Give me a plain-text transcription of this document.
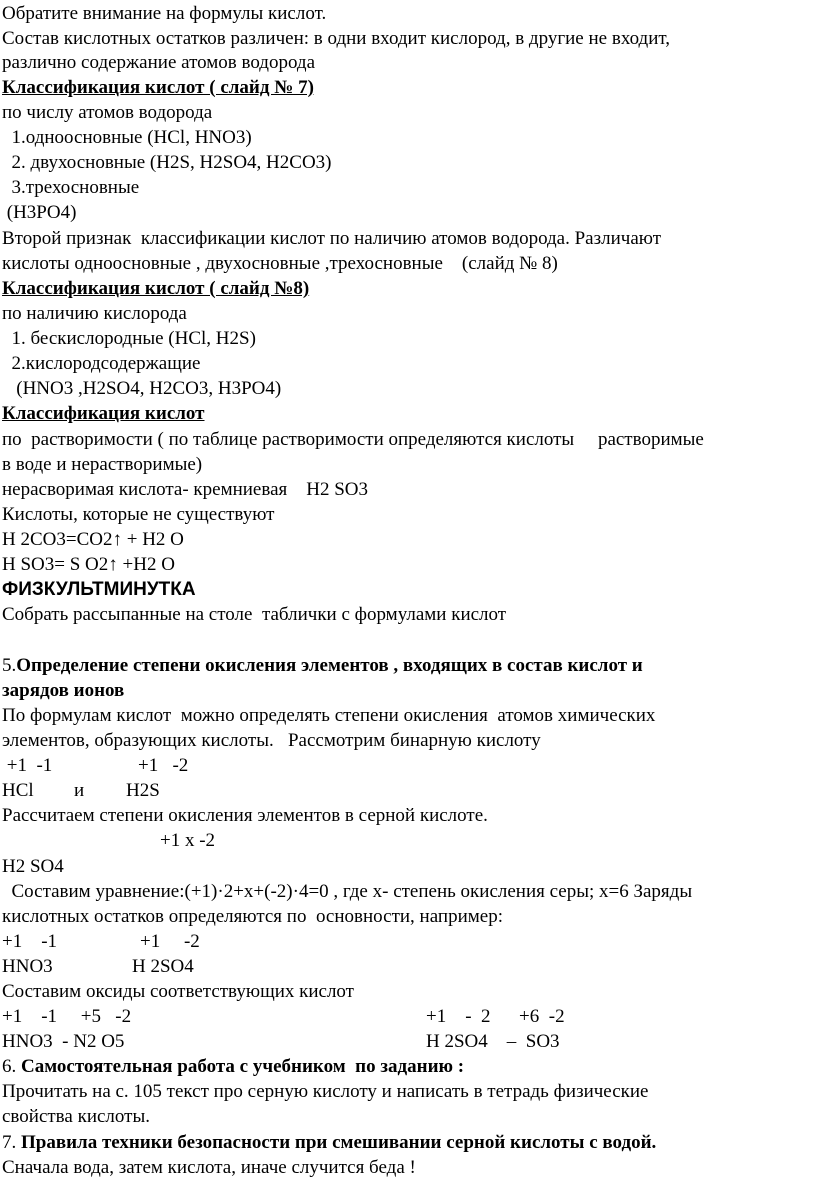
Обратите внимание на формулы кислот.
Состав кислотных остатков различен: в одни входит кислород, в другие не входит,
различно содержание атомов водорода
Классификация кислот ( слайд № 7)
по числу атомов водорода
1.одноосновные (HCl, HNO3)
2. двухосновные (H2S, H2SO4, H2CO3)
3.трехосновные
(H3PO4)
Второй признак  классификации кислот по наличию атомов водорода. Различают
кислоты одноосновные , двухосновные ,трехосновные    (слайд № 8)
Классификация кислот ( слайд №8)
по наличию кислорода
1. бескислородные (HCl, H2S)
2.кислородсодержащие
(HNO3 ,H2SO4, H2CO3, H3PO4)
Классификация кислот
по  растворимости ( по таблице растворимости определяются кислоты     растворимые
в воде и нерастворимые)
нерасворимая кислота- кремниевая    H2 SO3
Кислоты, которые не существуют
H 2CO3=CO2↑ + H2 O
H SO3= S O2↑ +H2 O
ФИЗКУЛЬТМИНУТКА
Собрать рассыпанные на столе  таблички с формулами кислот
5.Определение степени окисления элементов , входящих в состав кислот и
зарядов ионов
По формулам кислот  можно определять степени окисления  атомов химических
элементов, образующих кислоты.   Рассмотрим бинарную кислоту
+1  -1	+1   -2
HCl и H2S
Рассчитаем степени окисления элементов в серной кислоте.
+1 x -2
H2 SO4
Составим уравнение:(+1)·2+x+(-2)·4=0 , где x- степень окисления серы; x=6 Заряды
кислотных остатков определяются по  основности, например:
+1    -1	+1     -2
HNO3	H 2SO4
Составим оксиды соответствующих кислот
+1    -1     +5   -2	+1    -  2      +6  -2
HNO3  - N2 O5	H 2SO4    –  SO3
6. Самостоятельная работа с учебником  по заданию :
Прочитать на с. 105 текст про серную кислоту и написать в тетрадь физические
свойства кислоты.
7. Правила техники безопасности при смешивании серной кислоты с водой.
Сначала вода, затем кислота, иначе случится беда !
